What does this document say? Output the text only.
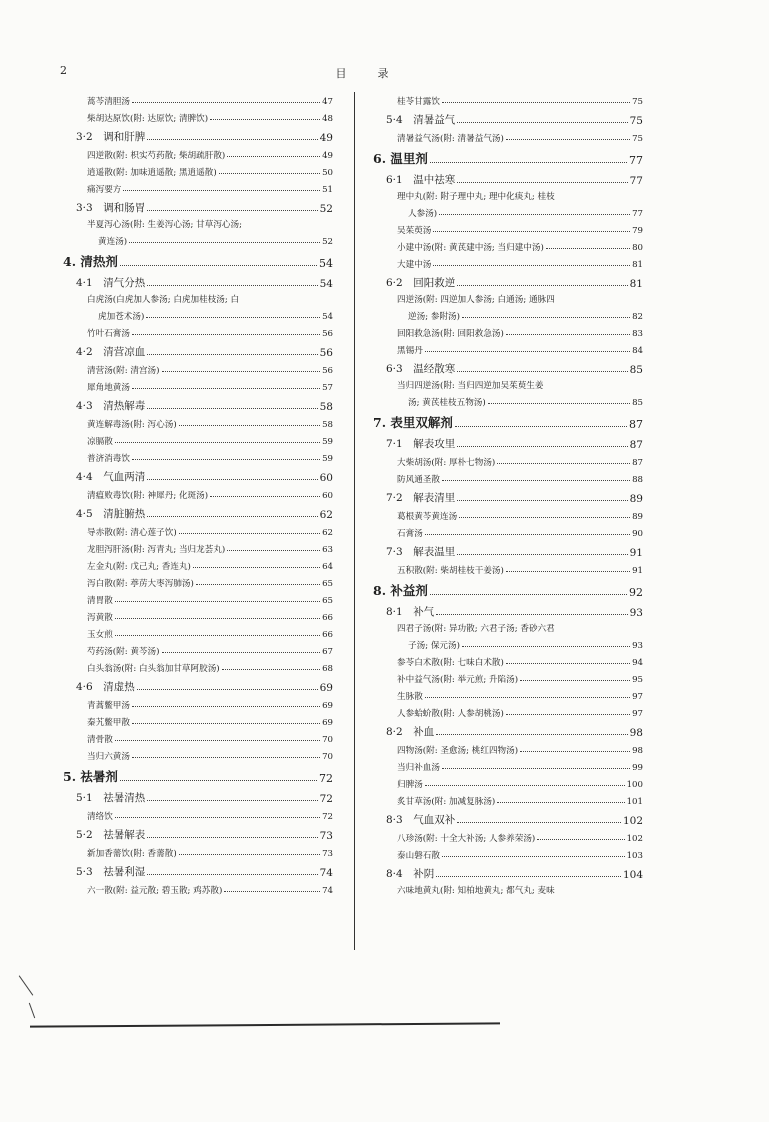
2	目	录
蒿芩清胆汤	47
柴胡达原饮(附: 达原饮; 清脾饮)	48
3·2　调和肝脾	49
四逆散(附: 枳实芍药散; 柴胡疏肝散)	49
逍遥散(附: 加味逍遥散; 黑逍遥散)	50
痛泻要方	51
3·3　调和肠胃	52
半夏泻心汤(附: 生姜泻心汤; 甘草泻心汤;
黄连汤)	52
4. 清热剂	54
4·1　清气分热	54
白虎汤(白虎加人参汤; 白虎加桂枝汤; 白
虎加苍术汤)	54
竹叶石膏汤	56
4·2　清营凉血	56
清营汤(附: 清宫汤)	56
犀角地黄汤	57
4·3　清热解毒	58
黄连解毒汤(附: 泻心汤)	58
凉膈散	59
普济消毒饮	59
4·4　气血两清	60
清瘟败毒饮(附: 神犀丹; 化斑汤)	60
4·5　清脏腑热	62
导赤散(附: 清心莲子饮)	62
龙胆泻肝汤(附: 泻青丸; 当归龙荟丸)	63
左金丸(附: 戊己丸; 香连丸)	64
泻白散(附: 葶苈大枣泻肺汤)	65
清胃散	65
泻黄散	66
玉女煎	66
芍药汤(附: 黄芩汤)	67
白头翁汤(附: 白头翁加甘草阿胶汤)	68
4·6　清虚热	69
青蒿鳖甲汤	69
秦艽鳖甲散	69
清骨散	70
当归六黄汤	70
5. 祛暑剂	72
5·1　祛暑清热	72
清络饮	72
5·2　祛暑解表	73
新加香薷饮(附: 香薷散)	73
5·3　祛暑利湿	74
六一散(附: 益元散; 碧玉散; 鸡苏散)	74
桂苓甘露饮	75
5·4　清暑益气	75
清暑益气汤(附: 清暑益气汤)	75
6. 温里剂	77
6·1　温中祛寒	77
理中丸(附: 附子理中丸; 理中化痰丸; 桂枝
人参汤)	77
吴茱萸汤	79
小建中汤(附: 黄芪建中汤; 当归建中汤)	80
大建中汤	81
6·2　回阳救逆	81
四逆汤(附: 四逆加人参汤; 白通汤; 通脉四
逆汤; 参附汤)	82
回阳救急汤(附: 回阳救急汤)	83
黑锡丹	84
6·3　温经散寒	85
当归四逆汤(附: 当归四逆加吴茱萸生姜
汤; 黄芪桂枝五物汤)	85
7. 表里双解剂	87
7·1　解表攻里	87
大柴胡汤(附: 厚朴七物汤)	87
防风通圣散	88
7·2　解表清里	89
葛根黄芩黄连汤	89
石膏汤	90
7·3　解表温里	91
五积散(附: 柴胡桂枝干姜汤)	91
8. 补益剂	92
8·1　补气	93
四君子汤(附: 异功散; 六君子汤; 香砂六君
子汤; 保元汤)	93
参苓白术散(附: 七味白术散)	94
补中益气汤(附: 举元煎; 升陷汤)	95
生脉散	97
人参蛤蚧散(附: 人参胡桃汤)	97
8·2　补血	98
四物汤(附: 圣愈汤; 桃红四物汤)	98
当归补血汤	99
归脾汤	100
炙甘草汤(附: 加减复脉汤)	101
8·3　气血双补	102
八珍汤(附: 十全大补汤; 人参养荣汤)	102
泰山磐石散	103
8·4　补阴	104
六味地黄丸(附: 知柏地黄丸; 都气丸; 麦味
